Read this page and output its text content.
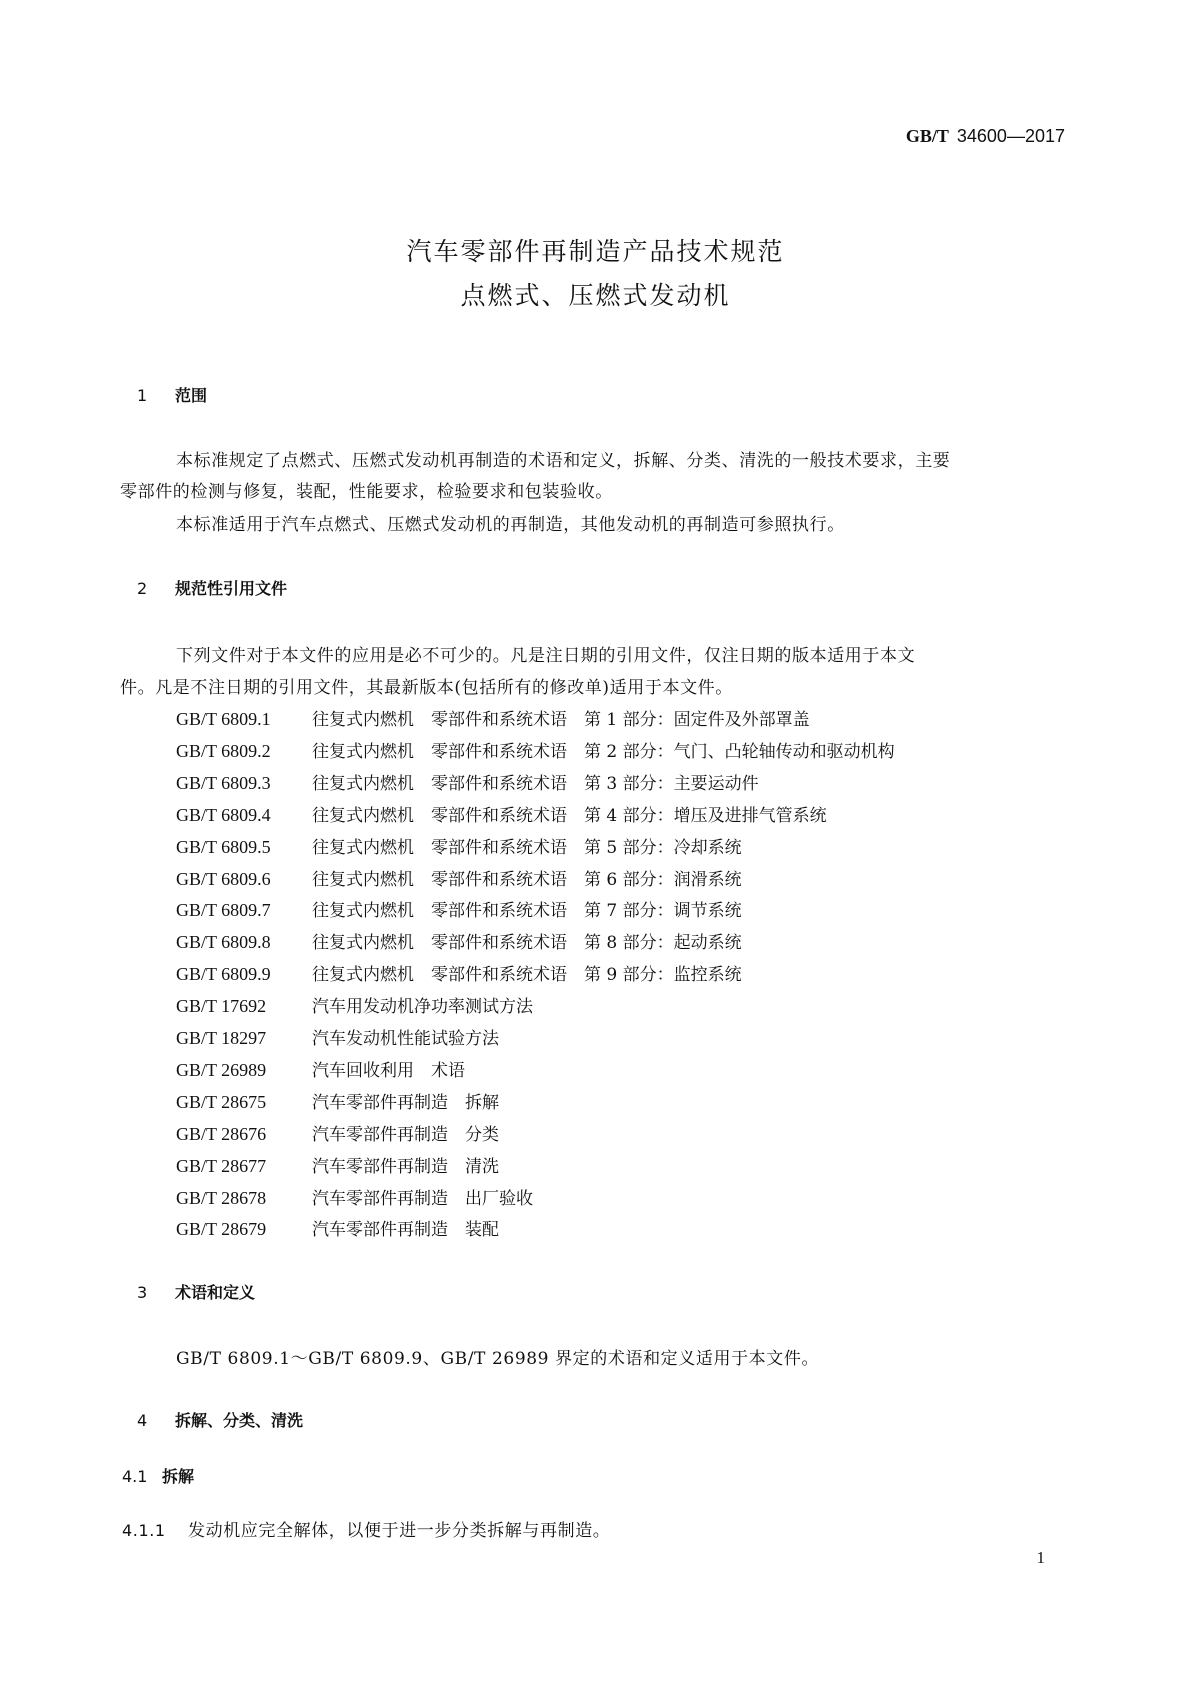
GB/T 34600—2017
汽车零部件再制造产品技术规范
点燃式、压燃式发动机
1 范围
本标准规定了点燃式、压燃式发动机再制造的术语和定义，拆解、分类、清洗的一般技术要求，主要
零部件的检测与修复，装配，性能要求，检验要求和包装验收。
本标准适用于汽车点燃式、压燃式发动机的再制造，其他发动机的再制造可参照执行。
2 规范性引用文件
下列文件对于本文件的应用是必不可少的。凡是注日期的引用文件，仅注日期的版本适用于本文
件。凡是不注日期的引用文件，其最新版本(包括所有的修改单)适用于本文件。
GB/T 6809.1 往复式内燃机　零部件和系统术语　第 1 部分：固定件及外部罩盖
GB/T 6809.2 往复式内燃机　零部件和系统术语　第 2 部分：气门、凸轮轴传动和驱动机构
GB/T 6809.3 往复式内燃机　零部件和系统术语　第 3 部分：主要运动件
GB/T 6809.4 往复式内燃机　零部件和系统术语　第 4 部分：增压及进排气管系统
GB/T 6809.5 往复式内燃机　零部件和系统术语　第 5 部分：冷却系统
GB/T 6809.6 往复式内燃机　零部件和系统术语　第 6 部分：润滑系统
GB/T 6809.7 往复式内燃机　零部件和系统术语　第 7 部分：调节系统
GB/T 6809.8 往复式内燃机　零部件和系统术语　第 8 部分：起动系统
GB/T 6809.9 往复式内燃机　零部件和系统术语　第 9 部分：监控系统
GB/T 17692	汽车用发动机净功率测试方法
GB/T 18297	汽车发动机性能试验方法
GB/T 26989	汽车回收利用　术语
GB/T 28675	汽车零部件再制造　拆解
GB/T 28676	汽车零部件再制造　分类
GB/T 28677	汽车零部件再制造　清洗
GB/T 28678	汽车零部件再制造　出厂验收
GB/T 28679	汽车零部件再制造　装配
3 术语和定义
GB/T 6809.1～GB/T 6809.9、GB/T 26989 界定的术语和定义适用于本文件。
4 拆解、分类、清洗
4.1 拆解
4.1.1 发动机应完全解体，以便于进一步分类拆解与再制造。
1
